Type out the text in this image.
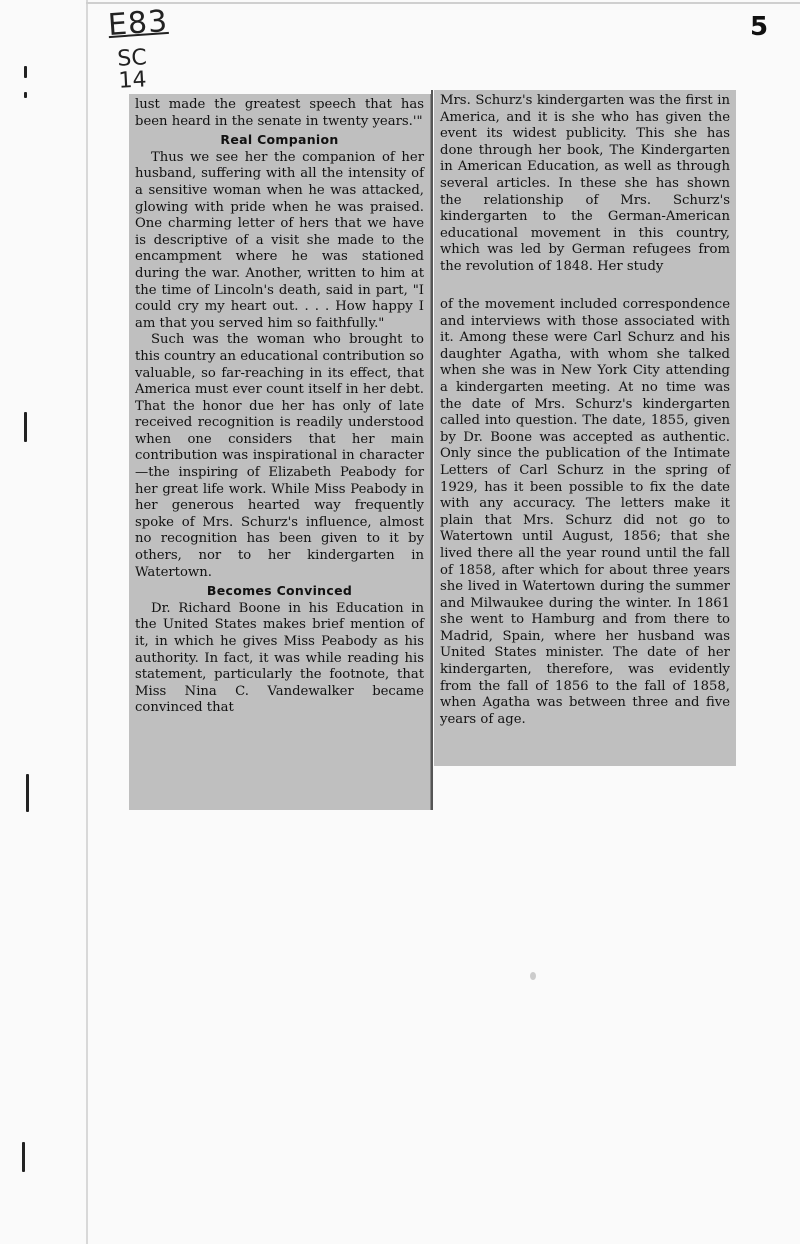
E83
SC
14
5

lust made the greatest speech that has been heard in the senate in twenty years.'"

Real Companion

Thus we see her the companion of her husband, suffering with all the intensity of a sensitive woman when he was attacked, glowing with pride when he was praised. One charming letter of hers that we have is descriptive of a visit she made to the encampment where he was stationed during the war. Another, written to him at the time of Lincoln's death, said in part, "I could cry my heart out. . . . How happy I am that you served him so faithfully."

Such was the woman who brought to this country an educational contribution so valuable, so far-reaching in its effect, that America must ever count itself in her debt. That the honor due her has only of late received recognition is readily understood when one considers that her main contribution was inspirational in character—the inspiring of Elizabeth Peabody for her great life work. While Miss Peabody in her generous hearted way frequently spoke of Mrs. Schurz's influence, almost no recognition has been given to it by others, nor to her kindergarten in Watertown.

Becomes Convinced

Dr. Richard Boone in his Education in the United States makes brief mention of it, in which he gives Miss Peabody as his authority. In fact, it was while reading his statement, particularly the footnote, that Miss Nina C. Vandewalker became convinced that

Mrs. Schurz's kindergarten was the first in America, and it is she who has given the event its widest publicity. This she has done through her book, The Kindergarten in American Education, as well as through several articles. In these she has shown the relationship of Mrs. Schurz's kindergarten to the German-American educational movement in this country, which was led by German refugees from the revolution of 1848. Her study

of the movement included correspondence and interviews with those associated with it. Among these were Carl Schurz and his daughter Agatha, with whom she talked when she was in New York City attending a kindergarten meeting. At no time was the date of Mrs. Schurz's kindergarten called into question. The date, 1855, given by Dr. Boone was accepted as authentic. Only since the publication of the Intimate Letters of Carl Schurz in the spring of 1929, has it been possible to fix the date with any accuracy. The letters make it plain that Mrs. Schurz did not go to Watertown until August, 1856; that she lived there all the year round until the fall of 1858, after which for about three years she lived in Watertown during the summer and Milwaukee during the winter. In 1861 she went to Hamburg and from there to Madrid, Spain, where her husband was United States minister. The date of her kindergarten, therefore, was evidently from the fall of 1856 to the fall of 1858, when Agatha was between three and five years of age.
